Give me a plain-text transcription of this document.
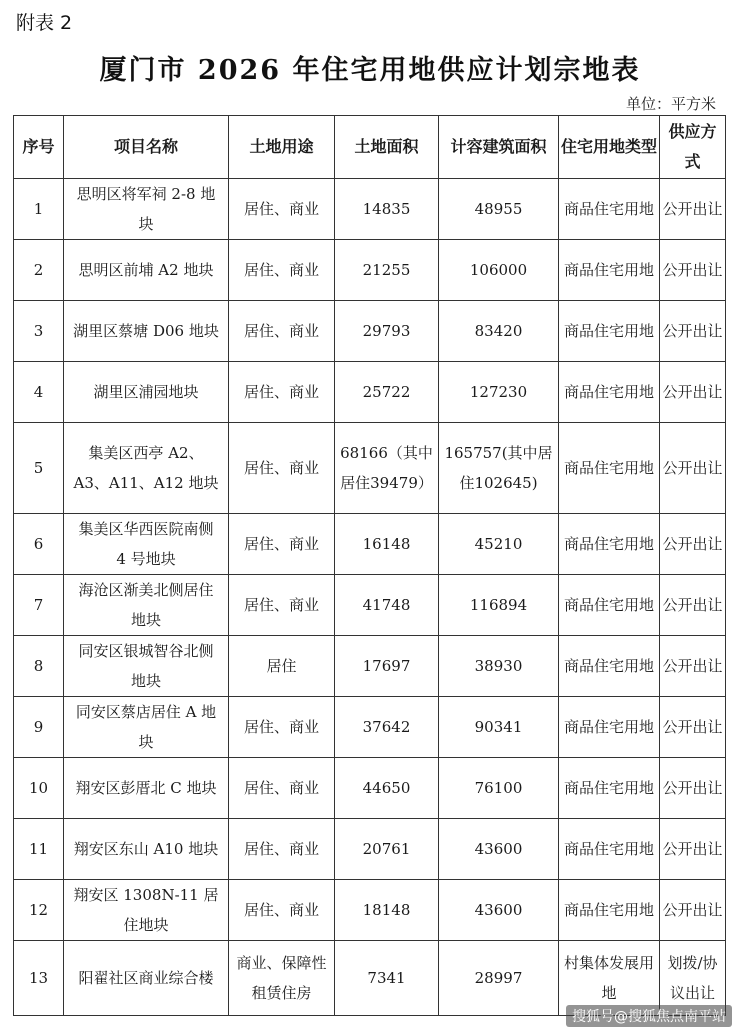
附表 2
厦门市 2026 年住宅用地供应计划宗地表
单位：平方米
序号	项目名称	土地用途	土地面积	计容建筑面积	住宅用地类型	供应方式
1	思明区将军祠 2-8 地块	居住、商业	14835	48955	商品住宅用地	公开出让
2	思明区前埔 A2 地块	居住、商业	21255	106000	商品住宅用地	公开出让
3	湖里区蔡塘 D06 地块	居住、商业	29793	83420	商品住宅用地	公开出让
4	湖里区浦园地块	居住、商业	25722	127230	商品住宅用地	公开出让
5	集美区西亭 A2、A3、A11、A12 地块	居住、商业	68166（其中居住39479）	165757(其中居住102645)	商品住宅用地	公开出让
6	集美区华西医院南侧 4 号地块	居住、商业	16148	45210	商品住宅用地	公开出让
7	海沧区渐美北侧居住地块	居住、商业	41748	116894	商品住宅用地	公开出让
8	同安区银城智谷北侧地块	居住	17697	38930	商品住宅用地	公开出让
9	同安区蔡店居住 A 地块	居住、商业	37642	90341	商品住宅用地	公开出让
10	翔安区彭厝北 C 地块	居住、商业	44650	76100	商品住宅用地	公开出让
11	翔安区东山 A10 地块	居住、商业	20761	43600	商品住宅用地	公开出让
12	翔安区 1308N-11 居住地块	居住、商业	18148	43600	商品住宅用地	公开出让
13	阳翟社区商业综合楼	商业、保障性租赁住房	7341	28997	村集体发展用地	划拨/协议出让
搜狐号@搜狐焦点南平站
